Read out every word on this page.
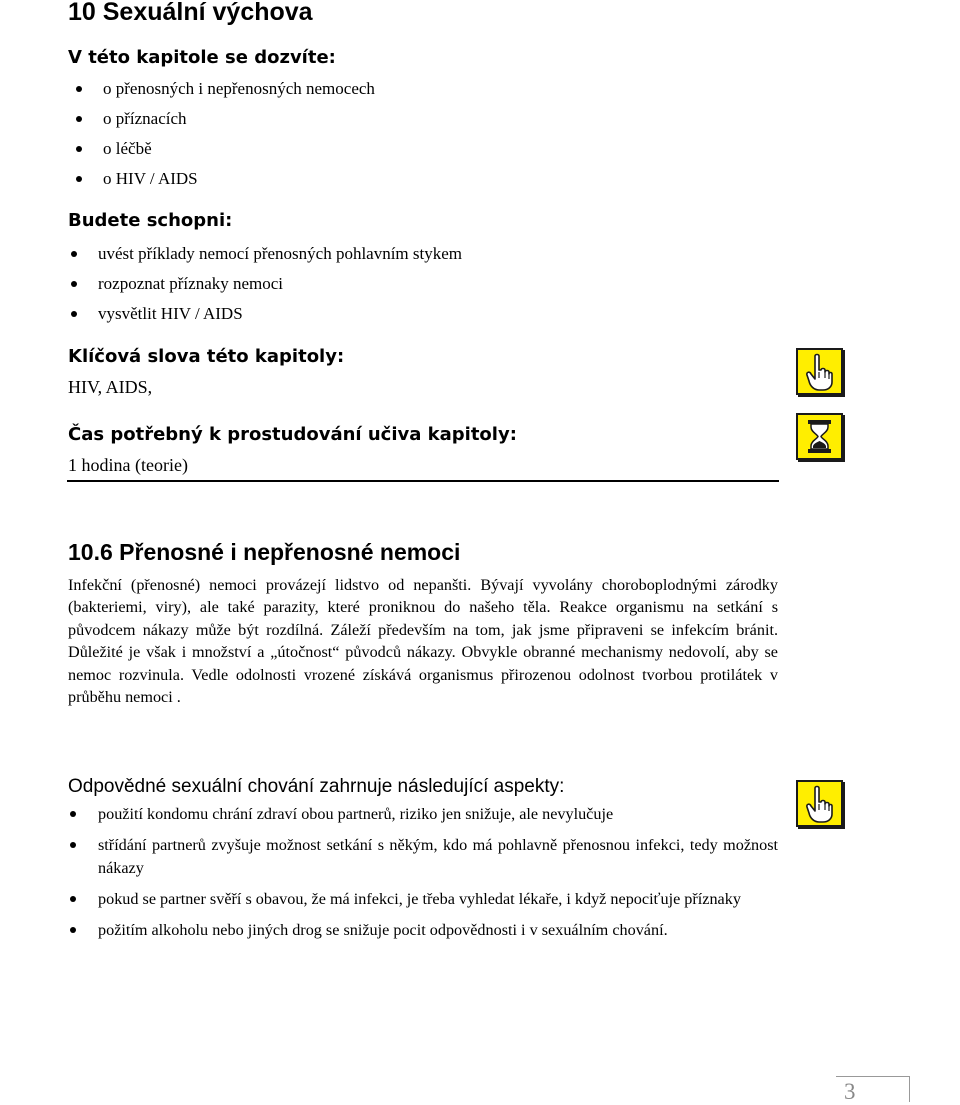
10 Sexuální výchova

V této kapitole se dozvíte:

o přenosných i nepřenosných nemocech
o příznacích
o léčbě
o HIV / AIDS

Budete schopni:

uvést příklady nemocí přenosných pohlavním stykem
rozpoznat příznaky nemoci
vysvětlit HIV / AIDS

Klíčová slova této kapitoly:

HIV, AIDS,

Čas potřebný k prostudování učiva kapitoly:

1 hodina (teorie)

10.6 Přenosné i nepřenosné nemoci

Infekční (přenosné) nemoci provázejí lidstvo od nepanšti. Bývají vyvolány choroboplodnými zárodky (bakteriemi, viry), ale také parazity, které proniknou do našeho těla. Reakce organismu na setkání s původcem nákazy může být rozdílná. Záleží především na tom, jak jsme připraveni se infekcím bránit. Důležité je však i množství a „útočnost“ původců nákazy. Obvykle obranné mechanismy nedovolí, aby se nemoc rozvinula. Vedle odolnosti vrozené získává organismus přirozenou odolnost tvorbou protilátek v průběhu nemoci .

Odpovědné sexuální chování zahrnuje následující aspekty:

použití kondomu chrání zdraví obou partnerů, riziko jen snižuje, ale nevylučuje
střídání partnerů zvyšuje možnost setkání s někým, kdo má pohlavně přenosnou infekci, tedy možnost nákazy
pokud se partner svěří s obavou, že má infekci, je třeba vyhledat lékaře, i když nepociťuje příznaky
požitím alkoholu nebo jiných drog se snižuje pocit odpovědnosti i v sexuálním chování.
3
